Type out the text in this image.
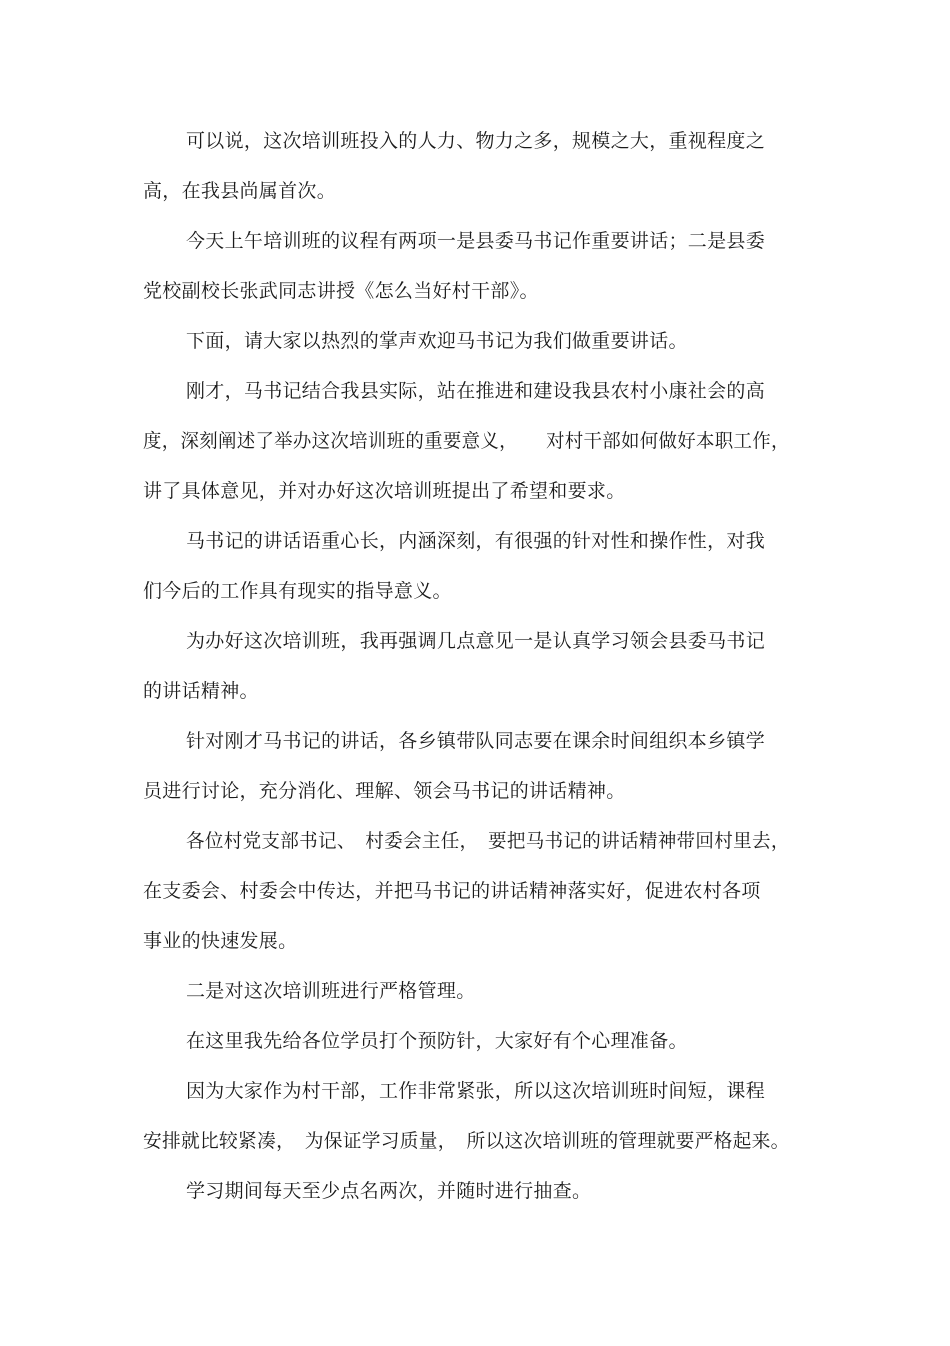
可以说，这次培训班投入的人力、物力之多，规模之大，重视程度之
高，在我县尚属首次。
今天上午培训班的议程有两项一是县委马书记作重要讲话；二是县委
党校副校长张武同志讲授《怎么当好村干部》。
下面，请大家以热烈的掌声欢迎马书记为我们做重要讲话。
刚才，马书记结合我县实际，站在推进和建设我县农村小康社会的高
度，深刻阐述了举办这次培训班的重要意义，　　对村干部如何做好本职工作，
讲了具体意见，并对办好这次培训班提出了希望和要求。
马书记的讲话语重心长，内涵深刻，有很强的针对性和操作性，对我
们今后的工作具有现实的指导意义。
为办好这次培训班，我再强调几点意见一是认真学习领会县委马书记
的讲话精神。
针对刚才马书记的讲话，各乡镇带队同志要在课余时间组织本乡镇学
员进行讨论，充分消化、理解、领会马书记的讲话精神。
各位村党支部书记、　村委会主任，　要把马书记的讲话精神带回村里去，
在支委会、村委会中传达，并把马书记的讲话精神落实好，促进农村各项
事业的快速发展。
二是对这次培训班进行严格管理。
在这里我先给各位学员打个预防针，大家好有个心理准备。
因为大家作为村干部，工作非常紧张，所以这次培训班时间短，课程
安排就比较紧凑，　为保证学习质量，　所以这次培训班的管理就要严格起来。
学习期间每天至少点名两次，并随时进行抽查。
